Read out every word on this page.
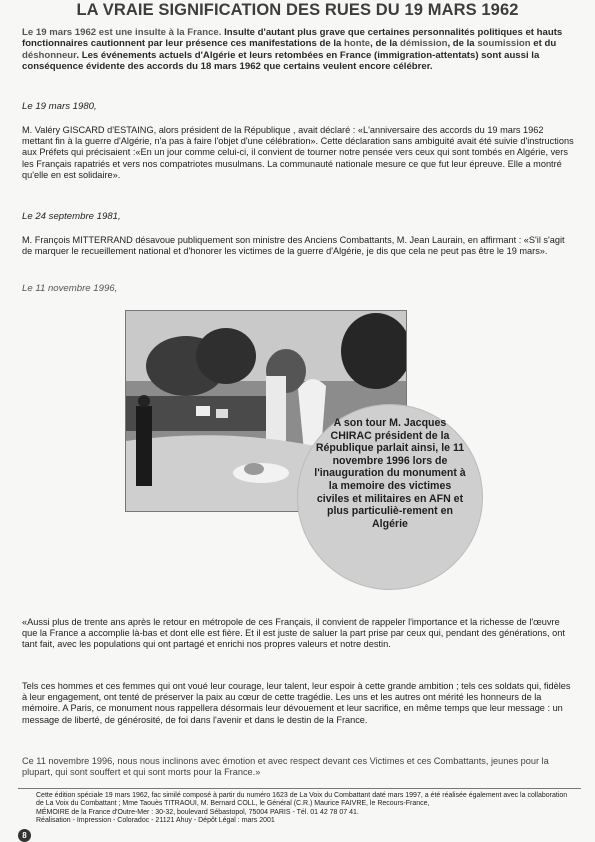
LA VRAIE SIGNIFICATION DES RUES DU 19 MARS 1962
Le 19 mars 1962 est une insulte à la France. Insulte d'autant plus grave que certaines personnalités politiques et hauts fonctionnaires cautionnent par leur présence ces manifestations de la honte, de la démission, de la soumission et du déshonneur. Les événements actuels d'Algérie et leurs retombées en France (immigration-attentats) sont aussi la conséquence évidente des accords du 18 mars 1962 que certains veulent encore célébrer.
Le 19 mars 1980,
M. Valéry GISCARD d'ESTAING, alors président de la République , avait déclaré : «L'anniversaire des accords du 19 mars 1962 mettant fin à la guerre d'Algérie, n'a pas à faire l'objet d'une célébration». Cette déclaration sans ambiguité avait été suivie d'instructions aux Préfets qui précisaient :«En un jour comme celui-ci, il convient de tourner notre pensée vers ceux qui sont tombés en Algérie, vers les Français rapatriés et vers nos compatriotes musulmans. La communauté nationale mesure ce que fut leur épreuve. Elle a montré qu'elle en est solidaire».
Le 24 septembre 1981,
M. François MITTERRAND désavoue publiquement son ministre des Anciens Combattants, M. Jean Laurain, en affirmant : «S'il s'agit de marquer le recueillement national et d'honorer les victimes de la guerre d'Algérie, je dis que cela ne peut pas être le 19 mars».
Le 11 novembre 1996,

A son tour M. Jacques CHIRAC président de la République parlait ainsi, le 11 novembre 1996 lors de l'inauguration du monument à la memoire des victimes civiles et militaires en AFN et plus particuliè-rement en Algérie
«Aussi plus de trente ans après le retour en métropole de ces Français, il convient de rappeler l'importance et la richesse de l'œuvre que la France a accomplie là-bas et dont elle est fière. Et il est juste de saluer la part prise par ceux qui, pendant des générations, ont tant fait, avec les populations qui ont partagé et enrichi nos propres valeurs et notre destin.
Tels ces hommes et ces femmes qui ont voué leur courage, leur talent, leur espoir à cette grande ambition ; tels ces soldats qui, fidèles à leur engagement, ont tenté de préserver la paix au cœur de cette tragédie. Les uns et les autres ont mérité les honneurs de la mémoire. A Paris, ce monument nous rappellera désormais leur dévouement et leur sacrifice, en même temps que leur message : un message de liberté, de générosité, de foi dans l'avenir et dans le destin de la France.
Ce 11 novembre 1996, nous nous inclinons avec émotion et avec respect devant ces Victimes et ces Combattants, jeunes pour la plupart, qui sont souffert et qui sont morts pour la France.»
Cette édition spéciale 19 mars 1962, fac similé composé à partir du numéro 1623 de La Voix du Combattant daté mars 1997, a été réalisée également avec la collaboration de La Voix du Combattant ; Mme Taouès TITRAOUI, M. Bernard COLL, le Général (C.R.) Maurice FAIVRE, le Recours-France,
MÉMOIRE de la France d'Outre-Mer : 30-32, boulevard Sébastopol, 75004 PARIS - Tél. 01 42 78 07 41.
Réalisation - Impression - Coloradoc - 21121 Ahuy - Dépôt Légal : mars 2001
8
